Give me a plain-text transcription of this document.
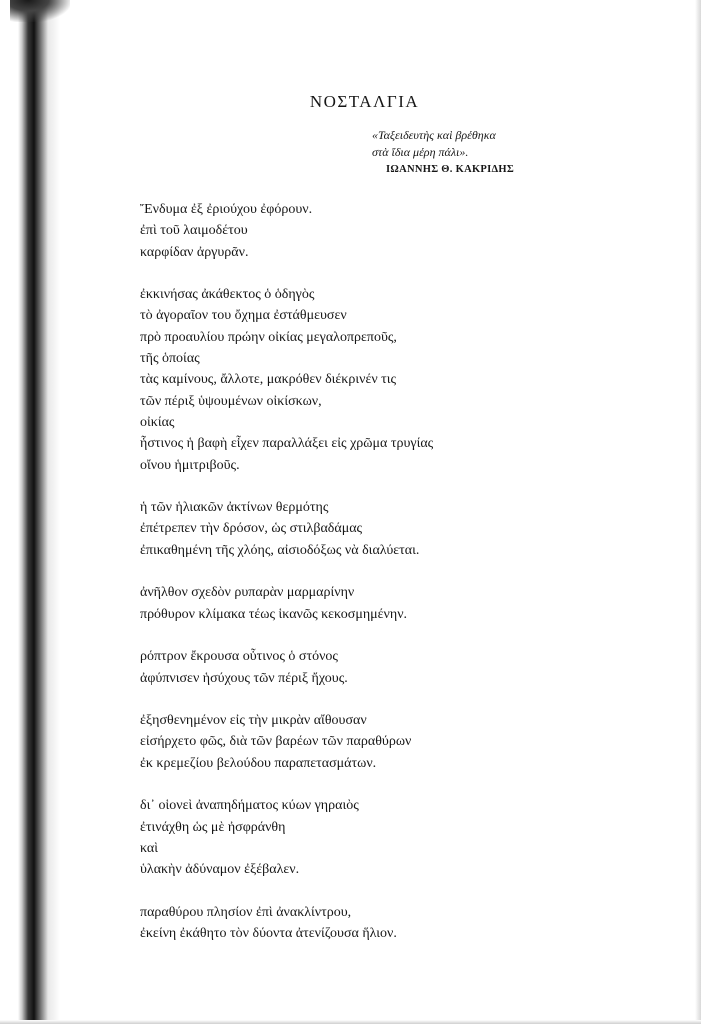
ΝΟΣΤΑΛΓΙΑ
«Ταξειδευτὴς καὶ βρέθηκα
στὰ ἴδια μέρη πάλι».
ΙΩΑΝΝΗΣ Θ. ΚΑΚΡΙΔΗΣ
Ἔνδυμα ἐξ ἐριούχου ἐφόρουν.
ἐπὶ τοῦ λαιμοδέτου
καρφίδαν ἀργυρᾶν.
ἐκκινήσας ἀκάθεκτος ὁ ὁδηγὸς
τὸ ἀγοραῖον του ὄχημα ἐστάθμευσεν
πρὸ προαυλίου πρώην οἰκίας μεγαλοπρεποῦς,
τῆς ὁποίας
τὰς καμίνους, ἄλλοτε, μακρόθεν διέκρινέν τις
τῶν πέριξ ὑψουμένων οἰκίσκων,
οἰκίας
ἧστινος ἡ βαφὴ εἶχεν παραλλάξει εἰς χρῶμα τρυγίας
οἴνου ἡμιτριβοῦς.
ἡ τῶν ἡλιακῶν ἀκτίνων θερμότης
ἐπέτρεπεν τὴν δρόσον, ὡς στιλβαδάμας
ἐπικαθημένη τῆς χλόης, αἰσιοδόξως νὰ διαλύεται.
ἀνῆλθον σχεδὸν ρυπαρὰν μαρμαρίνην
πρόθυρον κλίμακα τέως ἱκανῶς κεκοσμημένην.
ρόπτρον ἔκρουσα οὗτινος ὁ στόνος
ἀφύπνισεν ἡσύχους τῶν πέριξ ἤχους.
ἐξησθενημένον εἰς τὴν μικρὰν αἴθουσαν
εἰσήρχετο φῶς, διὰ τῶν βαρέων τῶν παραθύρων
ἐκ κρεμεζίου βελούδου παραπετασμάτων.
δι᾽ οἱονεὶ ἀναπηδήματος κύων γηραιὸς
ἐτινάχθη ὡς μὲ ἠσφράνθη
καὶ
ὑλακὴν ἀδύναμον ἐξέβαλεν.
παραθύρου πλησίον ἐπὶ ἀνακλίντρου,
ἐκείνη ἐκάθητο τὸν δύοντα ἀτενίζουσα ἥλιον.
